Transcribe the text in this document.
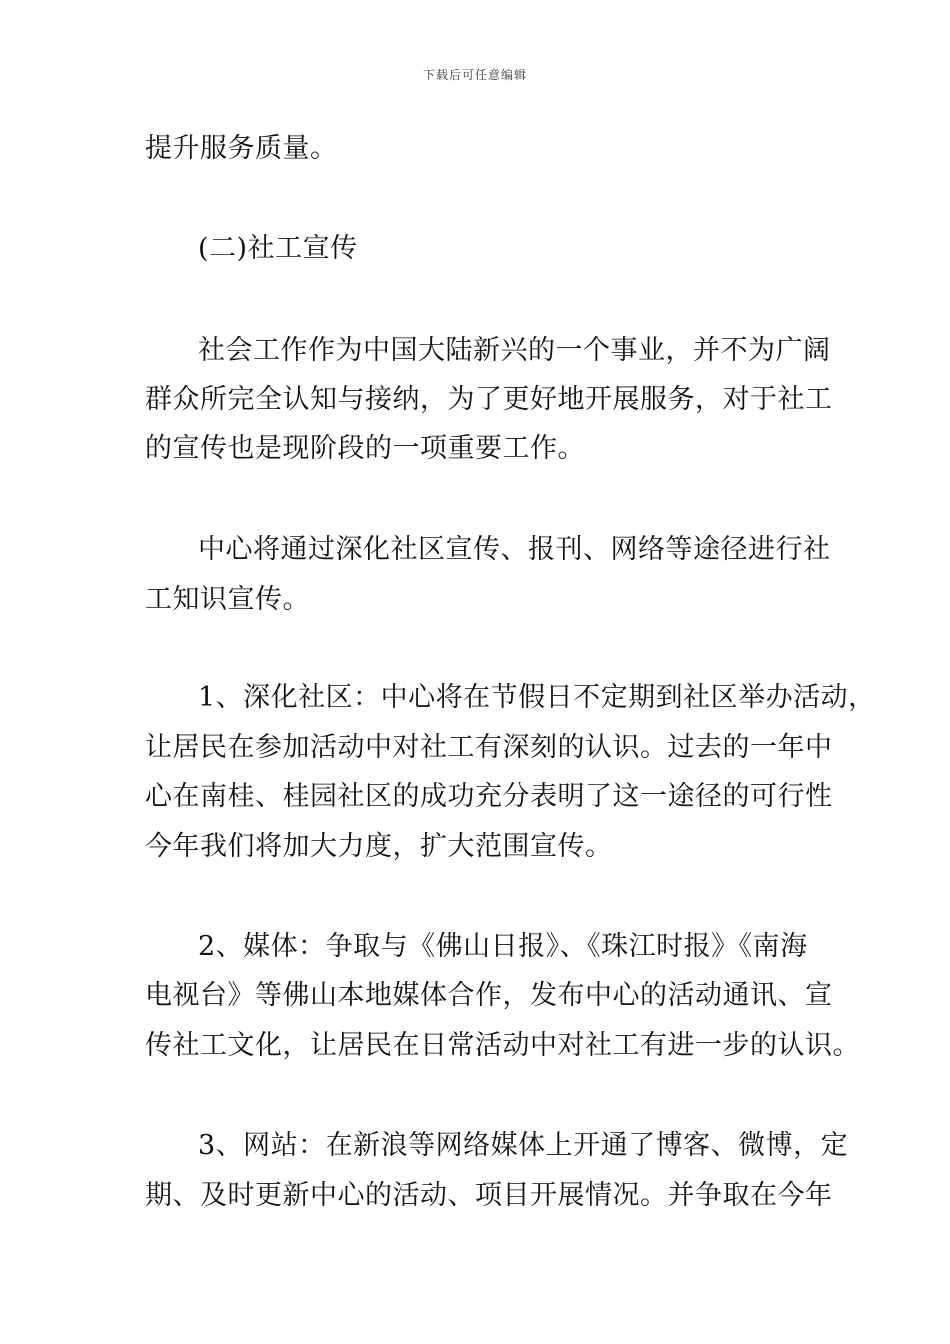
下载后可任意编辑
提升服务质量。
(二)社工宣传
社会工作作为中国大陆新兴的一个事业，并不为广阔
群众所完全认知与接纳，为了更好地开展服务，对于社工
的宣传也是现阶段的一项重要工作。
中心将通过深化社区宣传、报刊、网络等途径进行社
工知识宣传。
1、深化社区：中心将在节假日不定期到社区举办活动，
让居民在参加活动中对社工有深刻的认识。过去的一年中
心在南桂、桂园社区的成功充分表明了这一途径的可行性
今年我们将加大力度，扩大范围宣传。
2、媒体：争取与《佛山日报》、《珠江时报》《南海
电视台》等佛山本地媒体合作，发布中心的活动通讯、宣
传社工文化，让居民在日常活动中对社工有进一步的认识。
3、网站：在新浪等网络媒体上开通了博客、微博，定
期、及时更新中心的活动、项目开展情况。并争取在今年
